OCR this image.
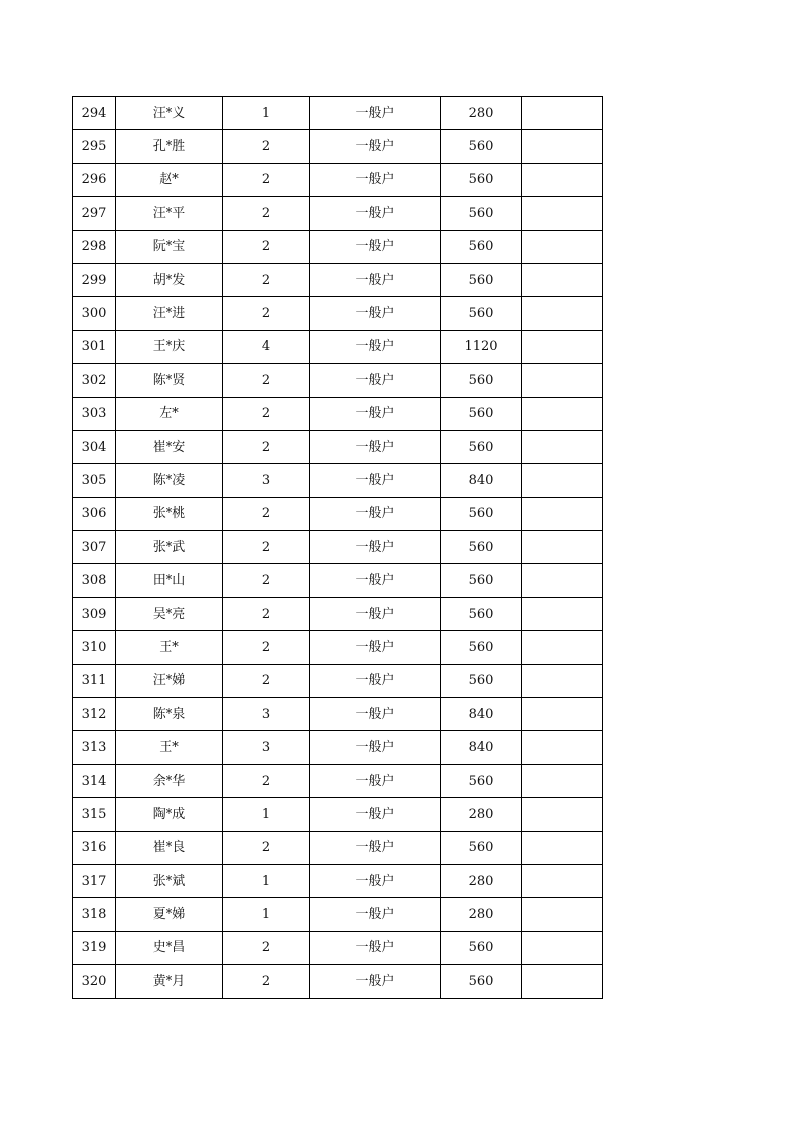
294	汪*义	1	一般户	280	
295	孔*胜	2	一般户	560	
296	赵*	2	一般户	560	
297	汪*平	2	一般户	560	
298	阮*宝	2	一般户	560	
299	胡*发	2	一般户	560	
300	汪*进	2	一般户	560	
301	王*庆	4	一般户	1120	
302	陈*贤	2	一般户	560	
303	左*	2	一般户	560	
304	崔*安	2	一般户	560	
305	陈*凌	3	一般户	840	
306	张*桃	2	一般户	560	
307	张*武	2	一般户	560	
308	田*山	2	一般户	560	
309	吴*亮	2	一般户	560	
310	王*	2	一般户	560	
311	汪*娣	2	一般户	560	
312	陈*泉	3	一般户	840	
313	王*	3	一般户	840	
314	余*华	2	一般户	560	
315	陶*成	1	一般户	280	
316	崔*良	2	一般户	560	
317	张*斌	1	一般户	280	
318	夏*娣	1	一般户	280	
319	史*昌	2	一般户	560	
320	黄*月	2	一般户	560	
